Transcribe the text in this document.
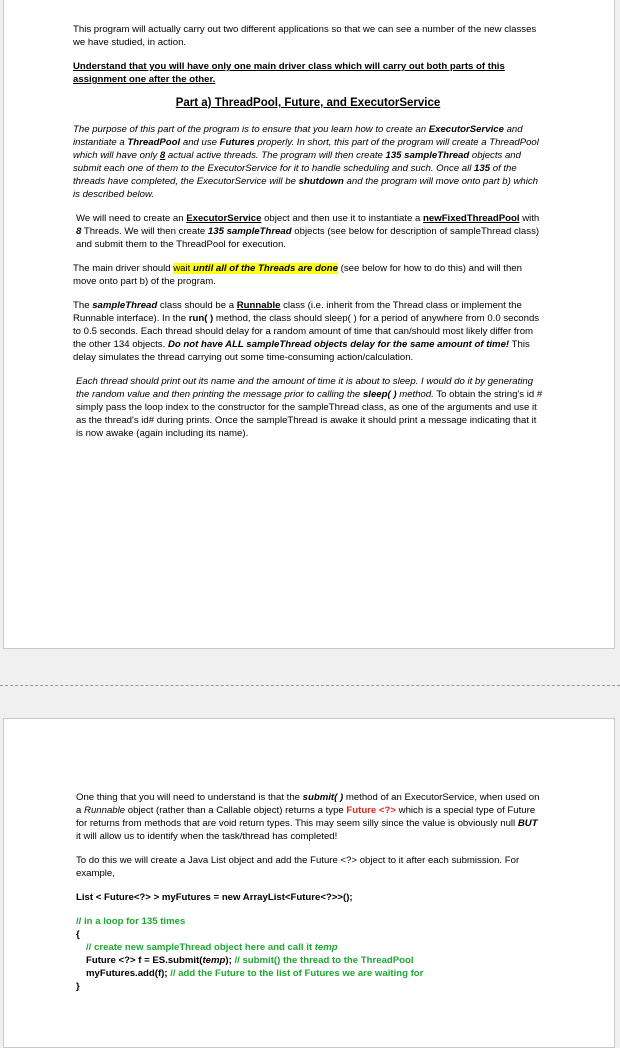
This program will actually carry out two different applications so that we can see a number of the new classes we have studied, in action.

Understand that you will have only one main driver class which will carry out both parts of this assignment one after the other.

Part a) ThreadPool, Future, and ExecutorService

The purpose of this part of the program is to ensure that you learn how to create an ExecutorService and instantiate a ThreadPool and use Futures properly. In short, this part of the program will create a ThreadPool which will have only 8 actual active threads. The program will then create 135 sampleThread objects and submit each one of them to the ExecutorService for it to handle scheduling and such. Once all 135 of the threads have completed, the ExecutorService will be shutdown and the program will move onto part b) which is described below.

We will need to create an ExecutorService object and then use it to instantiate a newFixedThreadPool with 8 Threads. We will then create 135 sampleThread objects (see below for description of sampleThread class) and submit them to the ThreadPool for execution.

The main driver should wait until all of the Threads are done (see below for how to do this) and will then move onto part b) of the program.

The sampleThread class should be a Runnable class (i.e. inherit from the Thread class or implement the Runnable interface). In the run( ) method, the class should sleep( ) for a period of anywhere from 0.0 seconds to 0.5 seconds. Each thread should delay for a random amount of time that can/should most likely differ from the other 134 objects. Do not have ALL sampleThread objects delay for the same amount of time! This delay simulates the thread carrying out some time-consuming action/calculation.

Each thread should print out its name and the amount of time it is about to sleep. I would do it by generating the random value and then printing the message prior to calling the sleep( ) method. To obtain the string's id # simply pass the loop index to the constructor for the sampleThread class, as one of the arguments and use it as the thread's id# during prints. Once the sampleThread is awake it should print a message indicating that it is now awake (again including its name).

One thing that you will need to understand is that the submit( ) method of an ExecutorService, when used on a Runnable object (rather than a Callable object) returns a type Future <?> which is a special type of Future for returns from methods that are void return types. This may seem silly since the value is obviously null BUT it will allow us to identify when the task/thread has completed!

To do this we will create a Java List object and add the Future <?> object to it after each submission. For example,

List < Future<?> > myFutures = new ArrayList<Future<?>>();

// in a loop for 135 times

{

// create new sampleThread object here and call it temp

Future <?> f = ES.submit(temp); // submit() the thread to the ThreadPool

myFutures.add(f); // add the Future to the list of Futures we are waiting for

}
